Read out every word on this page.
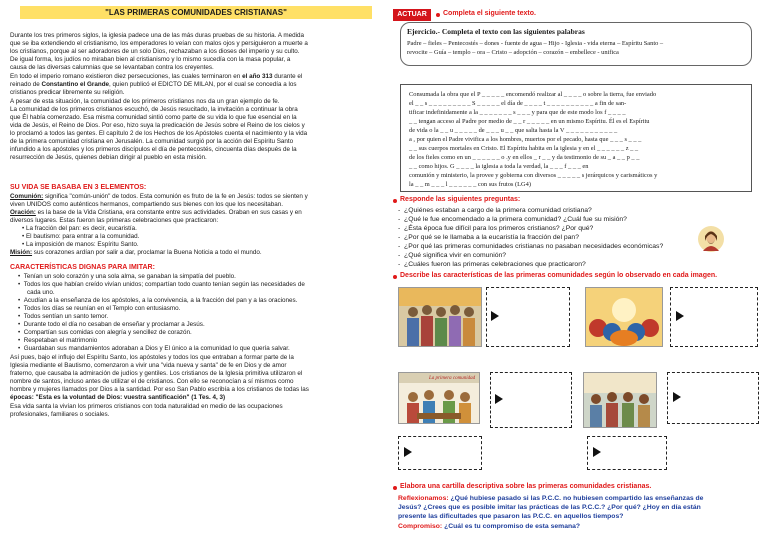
"LAS PRIMERAS COMUNIDADES CRISTIANAS"
Durante los tres primeros siglos, la iglesia padece una de las más duras pruebas de su historia. A medida
que se iba extendiendo el cristianismo, los emperadores lo veían con malos ojos y persiguieron a muerte a
los cristianos, porque al ser adoradores de un solo Dios, rechazaban a los dioses del imperio y su culto.
De igual forma, los judíos no miraban bien al cristianismo y lo mismo sucedía con la masa popular, a
causa de las diversas calumnias que se levantaban contra los creyentes.
En todo el imperio romano existieron diez persecuciones, las cuales terminaron en el año 313 durante el
reinado de Constantino el Grande, quien publicó el EDICTO DE MILAN, por el cual se concedía a los
cristianos predicar libremente su religión.
A pesar de esta situación, la comunidad de los primeros cristianos nos da un gran ejemplo de fe.
La comunidad de los primeros cristianos escuchó, de Jesús resucitado, la invitación a continuar la obra
que Él había comenzado. Esa misma comunidad sintió como parte de su vida lo que fue esencial en la
vida de Jesús, el Reino de Dios. Por eso, hizo suya la predicación de Jesús sobre el Reino de los cielos y
lo proclamó a todos las gentes. El capítulo 2 de los Hechos de los Apóstoles cuenta el nacimiento y la vida
de la primera comunidad cristiana en Jerusalén. La comunidad surgió por la acción del Espíritu Santo
infundido a los apóstoles y los primeros discípulos el día de pentecostés, cincuenta días después de la
resurrección de Jesús, quienes debían dirigir al pueblo en esta misión.
SU VIDA SE BASABA EN 3 ELEMENTOS:
Comunión: significa "común-unión" de todos. Esta comunión es fruto de la fe en Jesús: todos se sienten y
viven UNIDOS como auténticos hermanos, compartiendo sus bienes con los que los necesitaban.
Oración: es la base de la Vida Cristiana, era constante entre sus actividades. Oraban en sus casas y en
diversos lugares. Estas fueron las primeras celebraciones que practicaron:
• La fracción del pan: es decir, eucaristía.
• El bautismo: para entrar a la comunidad.
• La imposición de manos: Espíritu Santo.
Misión: sus corazones ardían por salir a dar, proclamar la Buena Noticia a todo el mundo.
CARACTERÍSTICAS DIGNAS PARA IMITAR:
•  Tenían un solo corazón y una sola alma, se ganaban la simpatía del pueblo.
•  Todos los que habían creído vivían unidos; compartían todo cuanto tenían según las necesidades de
cada uno.
•  Acudían a la enseñanza de los apóstoles, a la convivencia, a la fracción del pan y a las oraciones.
•  Todos los días se reunían en el Templo con entusiasmo.
•  Todos sentían un santo temor.
•  Durante todo el día no cesaban de enseñar y proclamar a Jesús.
•  Compartían sus comidas con alegría y sencillez de corazón.
•  Respetaban el matrimonio
•  Guardaban sus mandamientos adoraban a Dios y El único a la comunidad lo que quería salvar.
Así pues, bajo el influjo del Espíritu Santo, los apóstoles y todos los que entraban a formar parte de la
Iglesia mediante el Bautismo, comenzaron a vivir una "vida nueva y santa" de fe en Dios y de amor
fraterno, que causaba la admiración de judíos y gentiles. Los cristianos de la Iglesia primitiva utilizaron el
nombre de santos, incluso antes de utilizar el de cristianos. Con ello se reconocían a sí mismos como
hombre y mujeres llamados por Dios a la santidad. Por eso San Pablo escribía a los cristianos de todas las
épocas: "Esta es la voluntad de Dios: vuestra santificación" (1 Tes. 4, 3)
Esa vida santa la vivían los primeros cristianos con toda naturalidad en medio de las ocupaciones
profesionales, familiares o sociales.
ACTUAR	Completa el siguiente texto.
Ejercicio.- Completa el texto con las siguientes palabras
Padre – fieles – Pentecostés – dones - fuente de agua – Hijo - Iglesia - vida eterna – Espíritu Santo –
revocite – Guía – templo – ora – Cristo – adopción – corazón – embellece - unifica
Consumada la obra que el P _ _ _ _ _ encomendó realizar al _ _ _ _ o sobre la tierra, fue enviado
el _ _ s _ _ _ _ _ _ _ _ _ S _ _ _ _ _ el día de _ _ _ _ t _ _ _ _ _ _ _ _ _ _ a fin de san-
tificar indefinidamente a la _ _ _ _ _ _ _ s _ _ _ y para que de este modo los f _ _ _ _
_ _ tengan acceso al Padre por medio de _ _ r _ _ _ _ _ en un mismo Espíritu. Él es el Espíritu
de vida o la _ _ u _ _ _ _ _ de _ _ _ u _ _ que salta hasta la V _ _ _ _ _ _ _ _ _ _ _
a , por quien el Padre vivifica a los hombres, muertos por el pecado, hasta que _ _ _ s _ _ _
_ _ sus cuerpos mortales en Cristo. El Espíritu habita en la iglesia y en el _ _ _ _ _ _ z _ _
de los fieles como en un _ _ _ _ _ _ o .y en ellos _ r _ _ y da testimonio de su _ a _ _ p _ _
_ _ como hijos. G _ _ _ _ la iglesia a toda la verdad, la _ _ _ f _ _ _ en
comunión y ministerio, la provee y gobierna con diversos _ _ _ _ _ s jerárquicos y carismáticos y
la _ _ m _ _ _ l _ _ _ _ _ _ con sus frutos (LG4)
Responde las siguientes preguntas:
-  ¿Quiénes estaban a cargo de la primera comunidad cristiana?
-  ¿Qué le fue encomendado a la primera comunidad? ¿Cuál fue su misión?
-  ¿Ésta época fue difícil para los primeros cristianos? ¿Por qué?
-  ¿Por qué se le llamaba a la eucaristía la fracción del pan?
-  ¿Por qué las primeras comunidades cristianas no pasaban necesidades económicas?
-  ¿Qué significa vivir en comunión?
-  ¿Cuáles fueron las primeras celebraciones que practicaron?
Describe las características de las primeras comunidades según lo observado en cada imagen.
La primera comunidad
Elabora una cartilla descriptiva sobre las primeras comunidades cristianas.
Reflexionamos: ¿Qué hubiese pasado si las P.C.C. no hubiesen compartido las enseñanzas de
Jesús? ¿Crees que es posible imitar las prácticas de las P.C.C.? ¿Por qué? ¿Hoy en día están
presente las dificultades que pasaron las P.C.C. en aquellos tiempos?
Compromiso: ¿Cuál es tu compromiso de esta semana?
